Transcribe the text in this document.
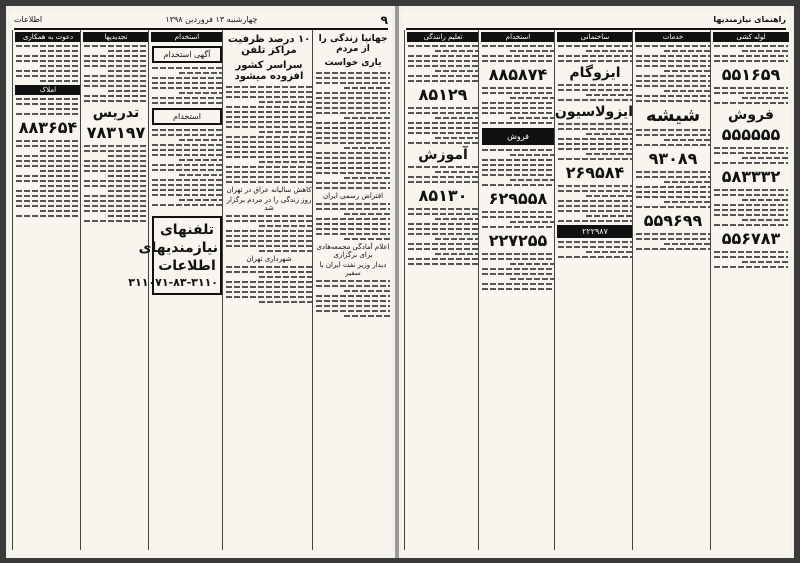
۹
چهارشنبه ۱۳ فروردین ۱۳۹۸
اطلاعات
دعوت به همکاری
املاک
۸۸۳۶۵۴
تجدیدپها
تدریس
۷۸۳۱۹۷
استخدام
آگهی استخدام
استخدام
تلفنهای
نیازمندیهای
اطلاعات
۳۱۱۰۷۱-۸۳-۳۱۱۰
۱۰ درصد ظرفیت مراکز تلفن
سراسر کشور افزوده میشود
کاهش سالیانه عراق در تهران
روز زندگی را در مردم برگزار شد
شهرداری تهران
جهانپا زندگی را از مردم
یاری خواست
اقتراض رسمی ایران
اعلام آمادگی مجمعه‌هادی برای برگزاری
دیدار وزیر نفت ایران با سفیر
راهنمای نیازمندیها
تعلیم رانندگی
۸۵۱۲۹
آموزش
۸۵۱۳۰
استخدام
۸۸۵۸۷۴
فروش
۶۲۹۵۵۸
۲۲۷۲۵۵
ساختمانی
ایزوگام
ایزولاسیون
۲۶۹۵۸۴
۲۲۲۹۸۷
خدمات
شیشه
۹۳۰۸۹
۵۵۹۶۹۹
لوله کشی
۵۵۱۶۵۹
فروش
۵۵۵۵۵۵
۵۸۳۳۳۲
۵۵۶۷۸۳
